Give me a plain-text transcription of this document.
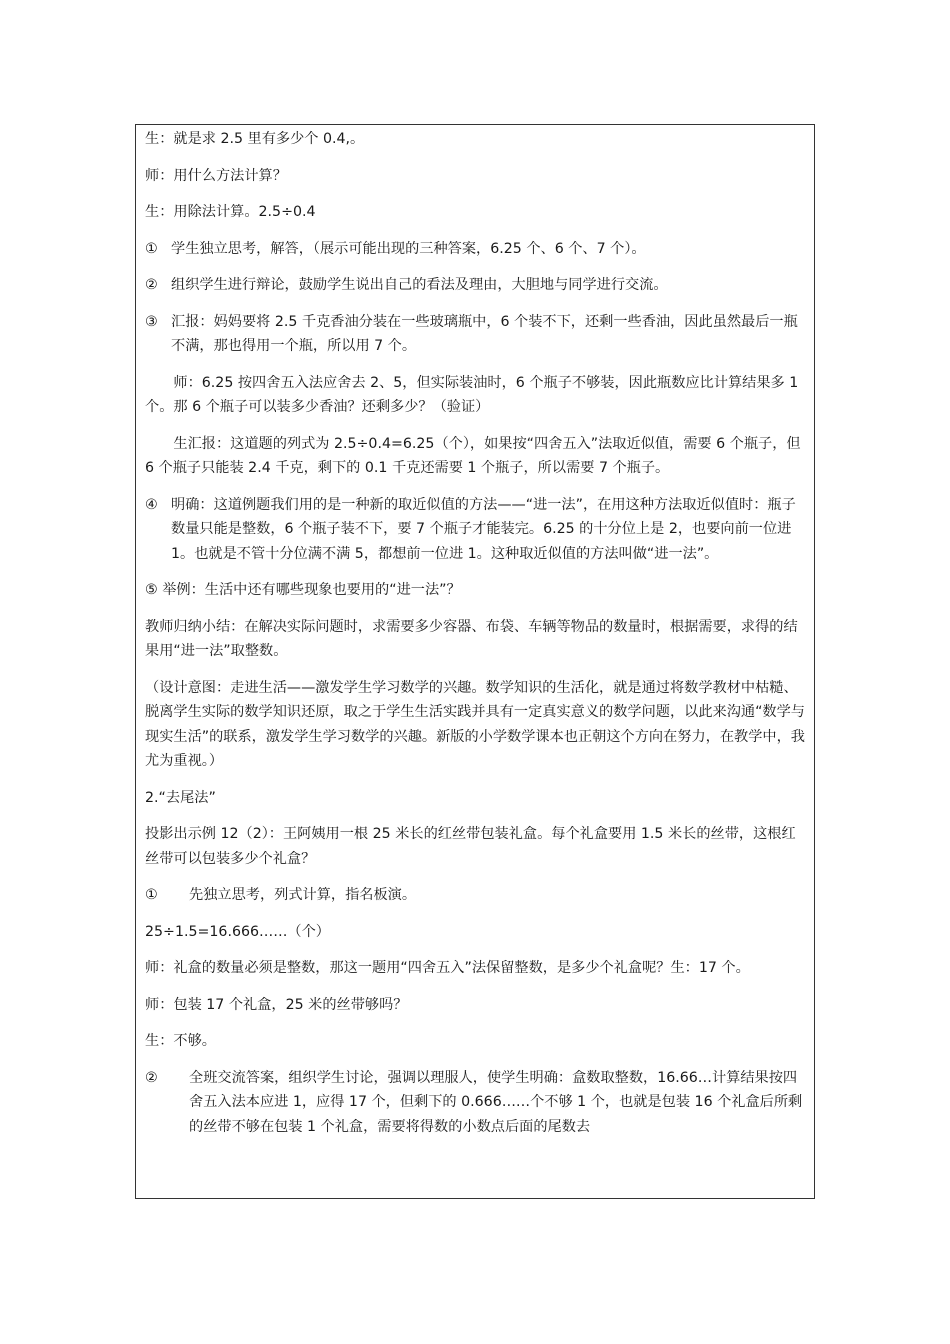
生：就是求 2.5 里有多少个 0.4,。

师：用什么方法计算？

生：用除法计算。2.5÷0.4

① 学生独立思考，解答，（展示可能出现的三种答案，6.25 个、6 个、7 个）。

② 组织学生进行辩论，鼓励学生说出自己的看法及理由，大胆地与同学进行交流。

③ 汇报：妈妈要将 2.5 千克香油分装在一些玻璃瓶中，6 个装不下，还剩一些香油，因此虽然最后一瓶不满，那也得用一个瓶，所以用 7 个。

师：6.25 按四舍五入法应舍去 2、5，但实际装油时，6 个瓶子不够装，因此瓶数应比计算结果多 1 个。那 6 个瓶子可以装多少香油？还剩多少？（验证）

生汇报：这道题的列式为 2.5÷0.4=6.25（个），如果按“四舍五入”法取近似值，需要 6 个瓶子，但 6 个瓶子只能装 2.4 千克，剩下的 0.1 千克还需要 1 个瓶子，所以需要 7 个瓶子。

④ 明确：这道例题我们用的是一种新的取近似值的方法——“进一法”，在用这种方法取近似值时：瓶子数量只能是整数，6 个瓶子装不下，要 7 个瓶子才能装完。6.25 的十分位上是 2，也要向前一位进 1。也就是不管十分位满不满 5，都想前一位进 1。这种取近似值的方法叫做“进一法”。

⑤ 举例：生活中还有哪些现象也要用的“进一法”？

教师归纳小结：在解决实际问题时，求需要多少容器、布袋、车辆等物品的数量时，根据需要，求得的结果用“进一法”取整数。

（设计意图：走进生活——激发学生学习数学的兴趣。数学知识的生活化，就是通过将数学教材中枯糙、脱离学生实际的数学知识还原，取之于学生生活实践并具有一定真实意义的数学问题，以此来沟通“数学与现实生活”的联系，激发学生学习数学的兴趣。新版的小学数学课本也正朝这个方向在努力，在教学中，我尤为重视。）

2.“去尾法”

投影出示例 12（2）：王阿姨用一根 25 米长的红丝带包装礼盒。每个礼盒要用 1.5 米长的丝带，这根红丝带可以包装多少个礼盒？

①	先独立思考，列式计算，指名板演。

25÷1.5=16.666……（个）

师：礼盒的数量必须是整数，那这一题用“四舍五入”法保留整数，是多少个礼盒呢？生：17 个。

师：包装 17 个礼盒，25 米的丝带够吗？

生：不够。

②	全班交流答案，组织学生讨论，强调以理服人，使学生明确：盒数取整数，16.66…计算结果按四舍五入法本应进 1，应得 17 个，但剩下的 0.666……个不够 1 个，也就是包装 16 个礼盒后所剩的丝带不够在包装 1 个礼盒，需要将得数的小数点后面的尾数去
